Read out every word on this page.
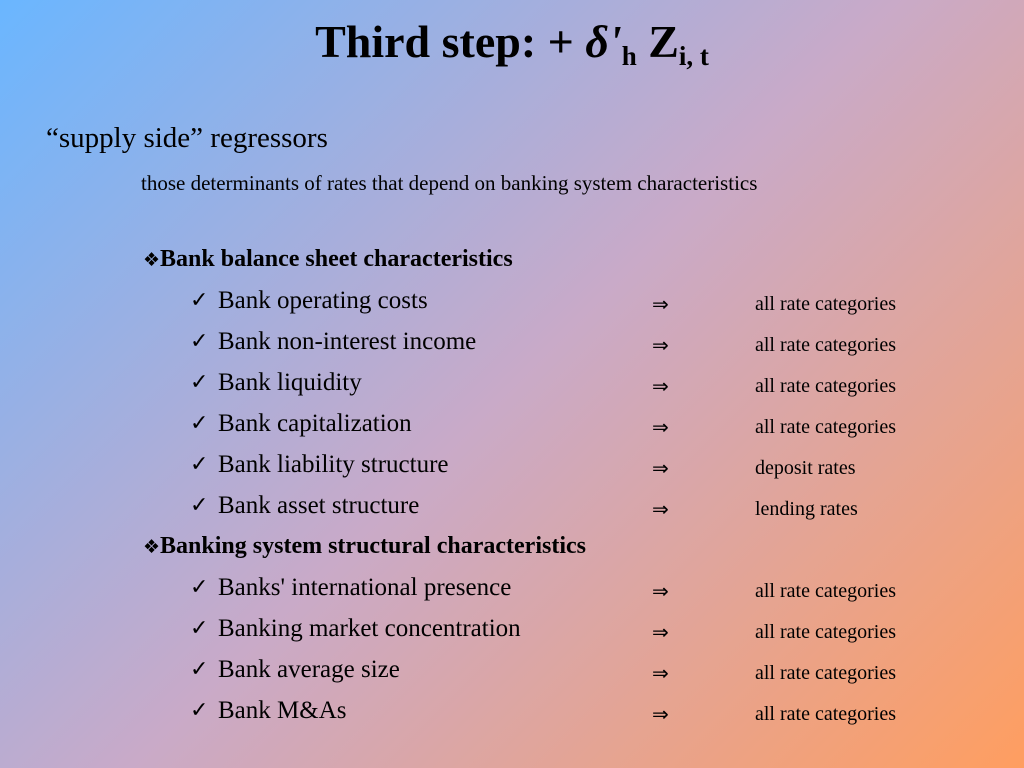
Third step: + $\delta'_h$ $Z_{i, t}$
“supply side” regressors
those determinants of rates that depend on banking system characteristics
❖Bank balance sheet characteristics
✓ Bank operating costs	⇒	all rate categories
✓ Bank non-interest income	⇒	all rate categories
✓ Bank liquidity	⇒	all rate categories
✓ Bank capitalization	⇒	all rate categories
✓ Bank liability structure	⇒	deposit rates
✓ Bank asset structure	⇒	lending rates
❖Banking system structural characteristics
✓ Banks' international presence	⇒	all rate categories
✓ Banking market concentration	⇒	all rate categories
✓ Bank average size	⇒	all rate categories
✓ Bank M&As	⇒	all rate categories
